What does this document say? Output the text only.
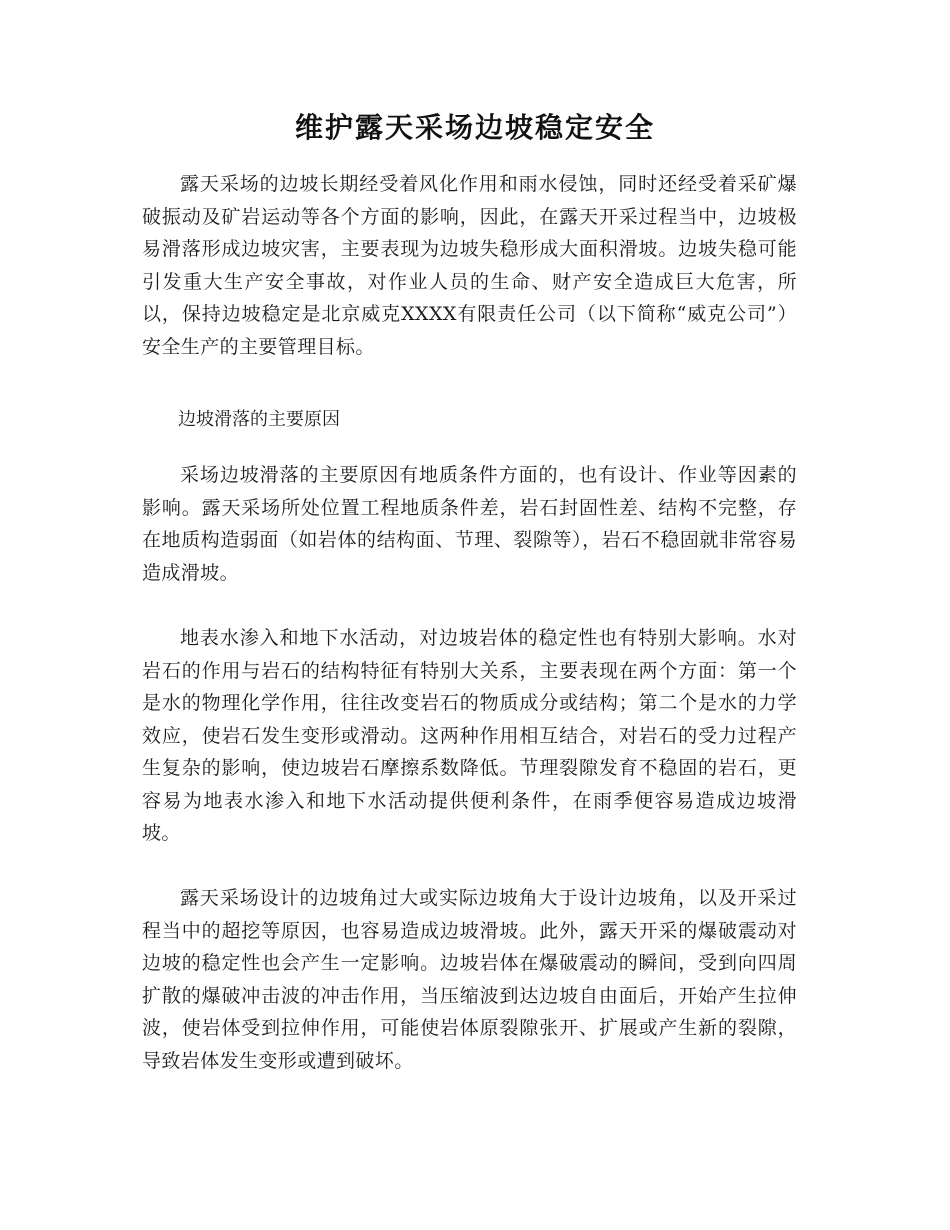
维护露天采场边坡稳定安全

露天采场的边坡长期经受着风化作用和雨水侵蚀，同时还经受着采矿爆破振动及矿岩运动等各个方面的影响，因此，在露天开采过程当中，边坡极易滑落形成边坡灾害，主要表现为边坡失稳形成大面积滑坡。边坡失稳可能引发重大生产安全事故，对作业人员的生命、财产安全造成巨大危害，所以，保持边坡稳定是北京威克XXXX有限责任公司（以下简称“威克公司”）安全生产的主要管理目标。

边坡滑落的主要原因

采场边坡滑落的主要原因有地质条件方面的，也有设计、作业等因素的影响。露天采场所处位置工程地质条件差，岩石封固性差、结构不完整，存在地质构造弱面（如岩体的结构面、节理、裂隙等），岩石不稳固就非常容易造成滑坡。

地表水渗入和地下水活动，对边坡岩体的稳定性也有特别大影响。水对岩石的作用与岩石的结构特征有特别大关系，主要表现在两个方面：第一个是水的物理化学作用，往往改变岩石的物质成分或结构；第二个是水的力学效应，使岩石发生变形或滑动。这两种作用相互结合，对岩石的受力过程产生复杂的影响，使边坡岩石摩擦系数降低。节理裂隙发育不稳固的岩石，更容易为地表水渗入和地下水活动提供便利条件，在雨季便容易造成边坡滑坡。

露天采场设计的边坡角过大或实际边坡角大于设计边坡角，以及开采过程当中的超挖等原因，也容易造成边坡滑坡。此外，露天开采的爆破震动对边坡的稳定性也会产生一定影响。边坡岩体在爆破震动的瞬间，受到向四周扩散的爆破冲击波的冲击作用，当压缩波到达边坡自由面后，开始产生拉伸波，使岩体受到拉伸作用，可能使岩体原裂隙张开、扩展或产生新的裂隙，导致岩体发生变形或遭到破坏。
